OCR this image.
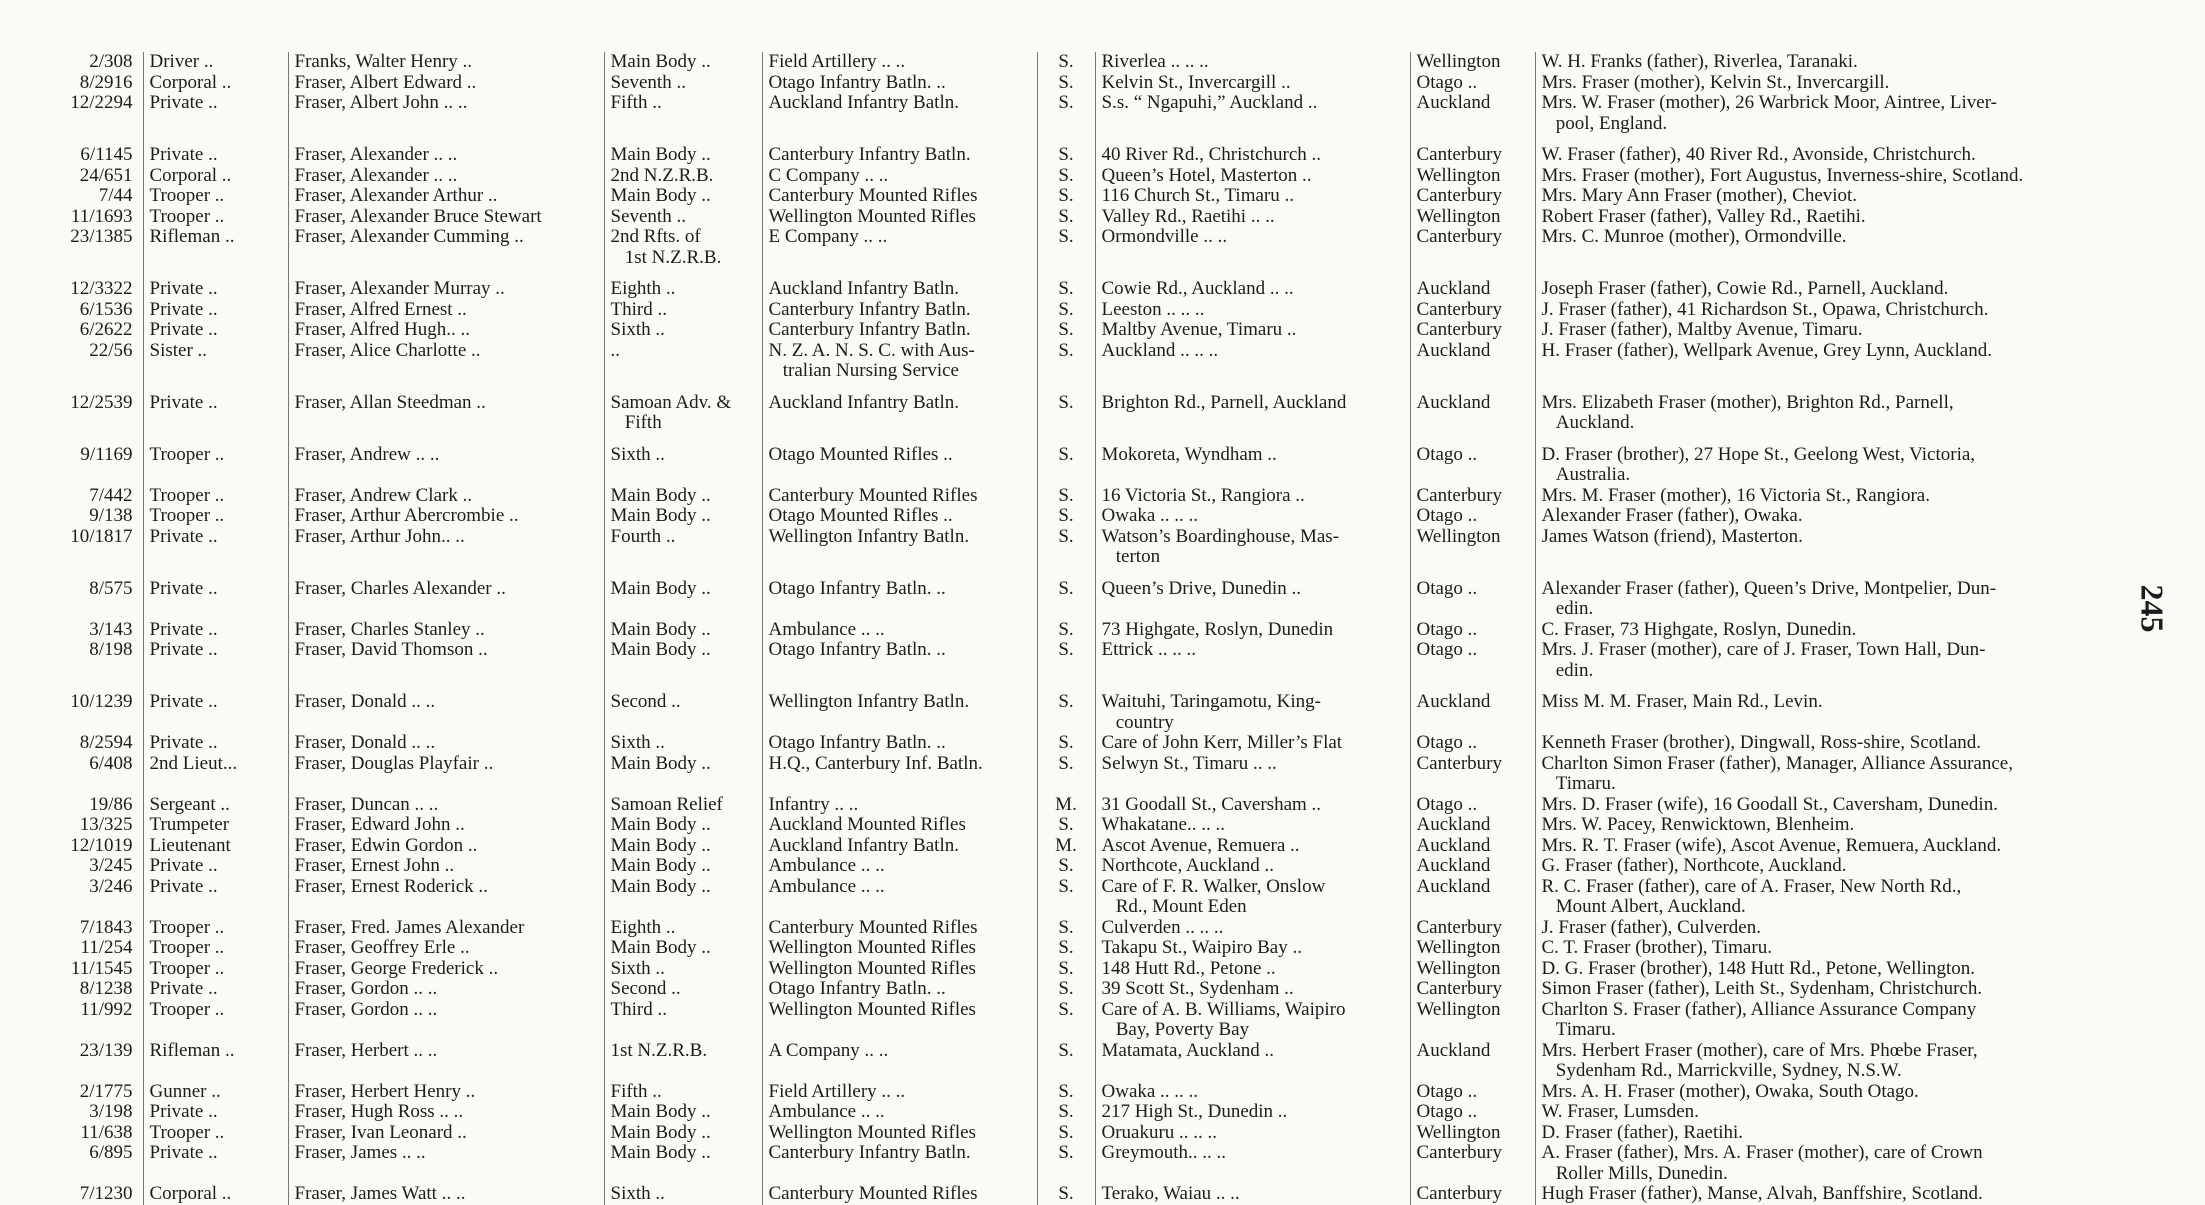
2/308	Driver ..	Franks, Walter Henry ..	Main Body ..	Field Artillery .. ..	S.	Riverlea .. .. ..	Wellington	W. H. Franks (father), Riverlea, Taranaki.
8/2916	Corporal ..	Fraser, Albert Edward ..	Seventh ..	Otago Infantry Batln. ..	S.	Kelvin St., Invercargill ..	Otago ..	Mrs. Fraser (mother), Kelvin St., Invercargill.
12/2294	Private ..	Fraser, Albert John .. ..	Fifth ..	Auckland Infantry Batln.	S.	S.s. “ Ngapuhi,” Auckland ..	Auckland	Mrs. W. Fraser (mother), 26 Warbrick Moor, Aintree, Liver-
pool, England.
6/1145	Private ..	Fraser, Alexander .. ..	Main Body ..	Canterbury Infantry Batln.	S.	40 River Rd., Christchurch ..	Canterbury	W. Fraser (father), 40 River Rd., Avonside, Christchurch.
24/651	Corporal ..	Fraser, Alexander .. ..	2nd N.Z.R.B.	C Company .. ..	S.	Queen’s Hotel, Masterton ..	Wellington	Mrs. Fraser (mother), Fort Augustus, Inverness-shire, Scotland.
7/44	Trooper ..	Fraser, Alexander Arthur ..	Main Body ..	Canterbury Mounted Rifles	S.	116 Church St., Timaru ..	Canterbury	Mrs. Mary Ann Fraser (mother), Cheviot.
11/1693	Trooper ..	Fraser, Alexander Bruce Stewart	Seventh ..	Wellington Mounted Rifles	S.	Valley Rd., Raetihi .. ..	Wellington	Robert Fraser (father), Valley Rd., Raetihi.
23/1385	Rifleman ..	Fraser, Alexander Cumming ..	2nd Rfts. of
1st N.Z.R.B.	E Company .. ..	S.	Ormondville .. ..	Canterbury	Mrs. C. Munroe (mother), Ormondville.
12/3322	Private ..	Fraser, Alexander Murray ..	Eighth ..	Auckland Infantry Batln.	S.	Cowie Rd., Auckland .. ..	Auckland	Joseph Fraser (father), Cowie Rd., Parnell, Auckland.
6/1536	Private ..	Fraser, Alfred Ernest ..	Third ..	Canterbury Infantry Batln.	S.	Leeston .. .. ..	Canterbury	J. Fraser (father), 41 Richardson St., Opawa, Christchurch.
6/2622	Private ..	Fraser, Alfred Hugh.. ..	Sixth ..	Canterbury Infantry Batln.	S.	Maltby Avenue, Timaru ..	Canterbury	J. Fraser (father), Maltby Avenue, Timaru.
22/56	Sister ..	Fraser, Alice Charlotte ..	..	N. Z. A. N. S. C. with Aus-
tralian Nursing Service	S.	Auckland .. .. ..	Auckland	H. Fraser (father), Wellpark Avenue, Grey Lynn, Auckland.
12/2539	Private ..	Fraser, Allan Steedman ..	Samoan Adv. &
Fifth	Auckland Infantry Batln.	S.	Brighton Rd., Parnell, Auckland	Auckland	Mrs. Elizabeth Fraser (mother), Brighton Rd., Parnell,
Auckland.
9/1169	Trooper ..	Fraser, Andrew .. ..	Sixth ..	Otago Mounted Rifles ..	S.	Mokoreta, Wyndham ..	Otago ..	D. Fraser (brother), 27 Hope St., Geelong West, Victoria,
Australia.
7/442	Trooper ..	Fraser, Andrew Clark ..	Main Body ..	Canterbury Mounted Rifles	S.	16 Victoria St., Rangiora ..	Canterbury	Mrs. M. Fraser (mother), 16 Victoria St., Rangiora.
9/138	Trooper ..	Fraser, Arthur Abercrombie ..	Main Body ..	Otago Mounted Rifles ..	S.	Owaka .. .. ..	Otago ..	Alexander Fraser (father), Owaka.
10/1817	Private ..	Fraser, Arthur John.. ..	Fourth ..	Wellington Infantry Batln.	S.	Watson’s Boardinghouse, Mas-
terton	Wellington	James Watson (friend), Masterton.
8/575	Private ..	Fraser, Charles Alexander ..	Main Body ..	Otago Infantry Batln. ..	S.	Queen’s Drive, Dunedin ..	Otago ..	Alexander Fraser (father), Queen’s Drive, Montpelier, Dun-
edin.
3/143	Private ..	Fraser, Charles Stanley ..	Main Body ..	Ambulance .. ..	S.	73 Highgate, Roslyn, Dunedin	Otago ..	C. Fraser, 73 Highgate, Roslyn, Dunedin.
8/198	Private ..	Fraser, David Thomson ..	Main Body ..	Otago Infantry Batln. ..	S.	Ettrick .. .. ..	Otago ..	Mrs. J. Fraser (mother), care of J. Fraser, Town Hall, Dun-
edin.
10/1239	Private ..	Fraser, Donald .. ..	Second ..	Wellington Infantry Batln.	S.	Waituhi, Taringamotu, King-
country	Auckland	Miss M. M. Fraser, Main Rd., Levin.
8/2594	Private ..	Fraser, Donald .. ..	Sixth ..	Otago Infantry Batln. ..	S.	Care of John Kerr, Miller’s Flat	Otago ..	Kenneth Fraser (brother), Dingwall, Ross-shire, Scotland.
6/408	2nd Lieut...	Fraser, Douglas Playfair ..	Main Body ..	H.Q., Canterbury Inf. Batln.	S.	Selwyn St., Timaru .. ..	Canterbury	Charlton Simon Fraser (father), Manager, Alliance Assurance,
Timaru.
19/86	Sergeant ..	Fraser, Duncan .. ..	Samoan Relief	Infantry .. ..	M.	31 Goodall St., Caversham ..	Otago ..	Mrs. D. Fraser (wife), 16 Goodall St., Caversham, Dunedin.
13/325	Trumpeter	Fraser, Edward John ..	Main Body ..	Auckland Mounted Rifles	S.	Whakatane.. .. ..	Auckland	Mrs. W. Pacey, Renwicktown, Blenheim.
12/1019	Lieutenant	Fraser, Edwin Gordon ..	Main Body ..	Auckland Infantry Batln.	M.	Ascot Avenue, Remuera ..	Auckland	Mrs. R. T. Fraser (wife), Ascot Avenue, Remuera, Auckland.
3/245	Private ..	Fraser, Ernest John ..	Main Body ..	Ambulance .. ..	S.	Northcote, Auckland ..	Auckland	G. Fraser (father), Northcote, Auckland.
3/246	Private ..	Fraser, Ernest Roderick ..	Main Body ..	Ambulance .. ..	S.	Care of F. R. Walker, Onslow
Rd., Mount Eden	Auckland	R. C. Fraser (father), care of A. Fraser, New North Rd.,
Mount Albert, Auckland.
7/1843	Trooper ..	Fraser, Fred. James Alexander	Eighth ..	Canterbury Mounted Rifles	S.	Culverden .. .. ..	Canterbury	J. Fraser (father), Culverden.
11/254	Trooper ..	Fraser, Geoffrey Erle ..	Main Body ..	Wellington Mounted Rifles	S.	Takapu St., Waipiro Bay ..	Wellington	C. T. Fraser (brother), Timaru.
11/1545	Trooper ..	Fraser, George Frederick ..	Sixth ..	Wellington Mounted Rifles	S.	148 Hutt Rd., Petone ..	Wellington	D. G. Fraser (brother), 148 Hutt Rd., Petone, Wellington.
8/1238	Private ..	Fraser, Gordon .. ..	Second ..	Otago Infantry Batln. ..	S.	39 Scott St., Sydenham ..	Canterbury	Simon Fraser (father), Leith St., Sydenham, Christchurch.
11/992	Trooper ..	Fraser, Gordon .. ..	Third ..	Wellington Mounted Rifles	S.	Care of A. B. Williams, Waipiro
Bay, Poverty Bay	Wellington	Charlton S. Fraser (father), Alliance Assurance Company
Timaru.
23/139	Rifleman ..	Fraser, Herbert .. ..	1st N.Z.R.B.	A Company .. ..	S.	Matamata, Auckland ..	Auckland	Mrs. Herbert Fraser (mother), care of Mrs. Phœbe Fraser,
Sydenham Rd., Marrickville, Sydney, N.S.W.
2/1775	Gunner ..	Fraser, Herbert Henry ..	Fifth ..	Field Artillery .. ..	S.	Owaka .. .. ..	Otago ..	Mrs. A. H. Fraser (mother), Owaka, South Otago.
3/198	Private ..	Fraser, Hugh Ross .. ..	Main Body ..	Ambulance .. ..	S.	217 High St., Dunedin ..	Otago ..	W. Fraser, Lumsden.
11/638	Trooper ..	Fraser, Ivan Leonard ..	Main Body ..	Wellington Mounted Rifles	S.	Oruakuru .. .. ..	Wellington	D. Fraser (father), Raetihi.
6/895	Private ..	Fraser, James .. ..	Main Body ..	Canterbury Infantry Batln.	S.	Greymouth.. .. ..	Canterbury	A. Fraser (father), Mrs. A. Fraser (mother), care of Crown
Roller Mills, Dunedin.
7/1230	Corporal ..	Fraser, James Watt .. ..	Sixth ..	Canterbury Mounted Rifles	S.	Terako, Waiau .. ..	Canterbury	Hugh Fraser (father), Manse, Alvah, Banffshire, Scotland.
245
